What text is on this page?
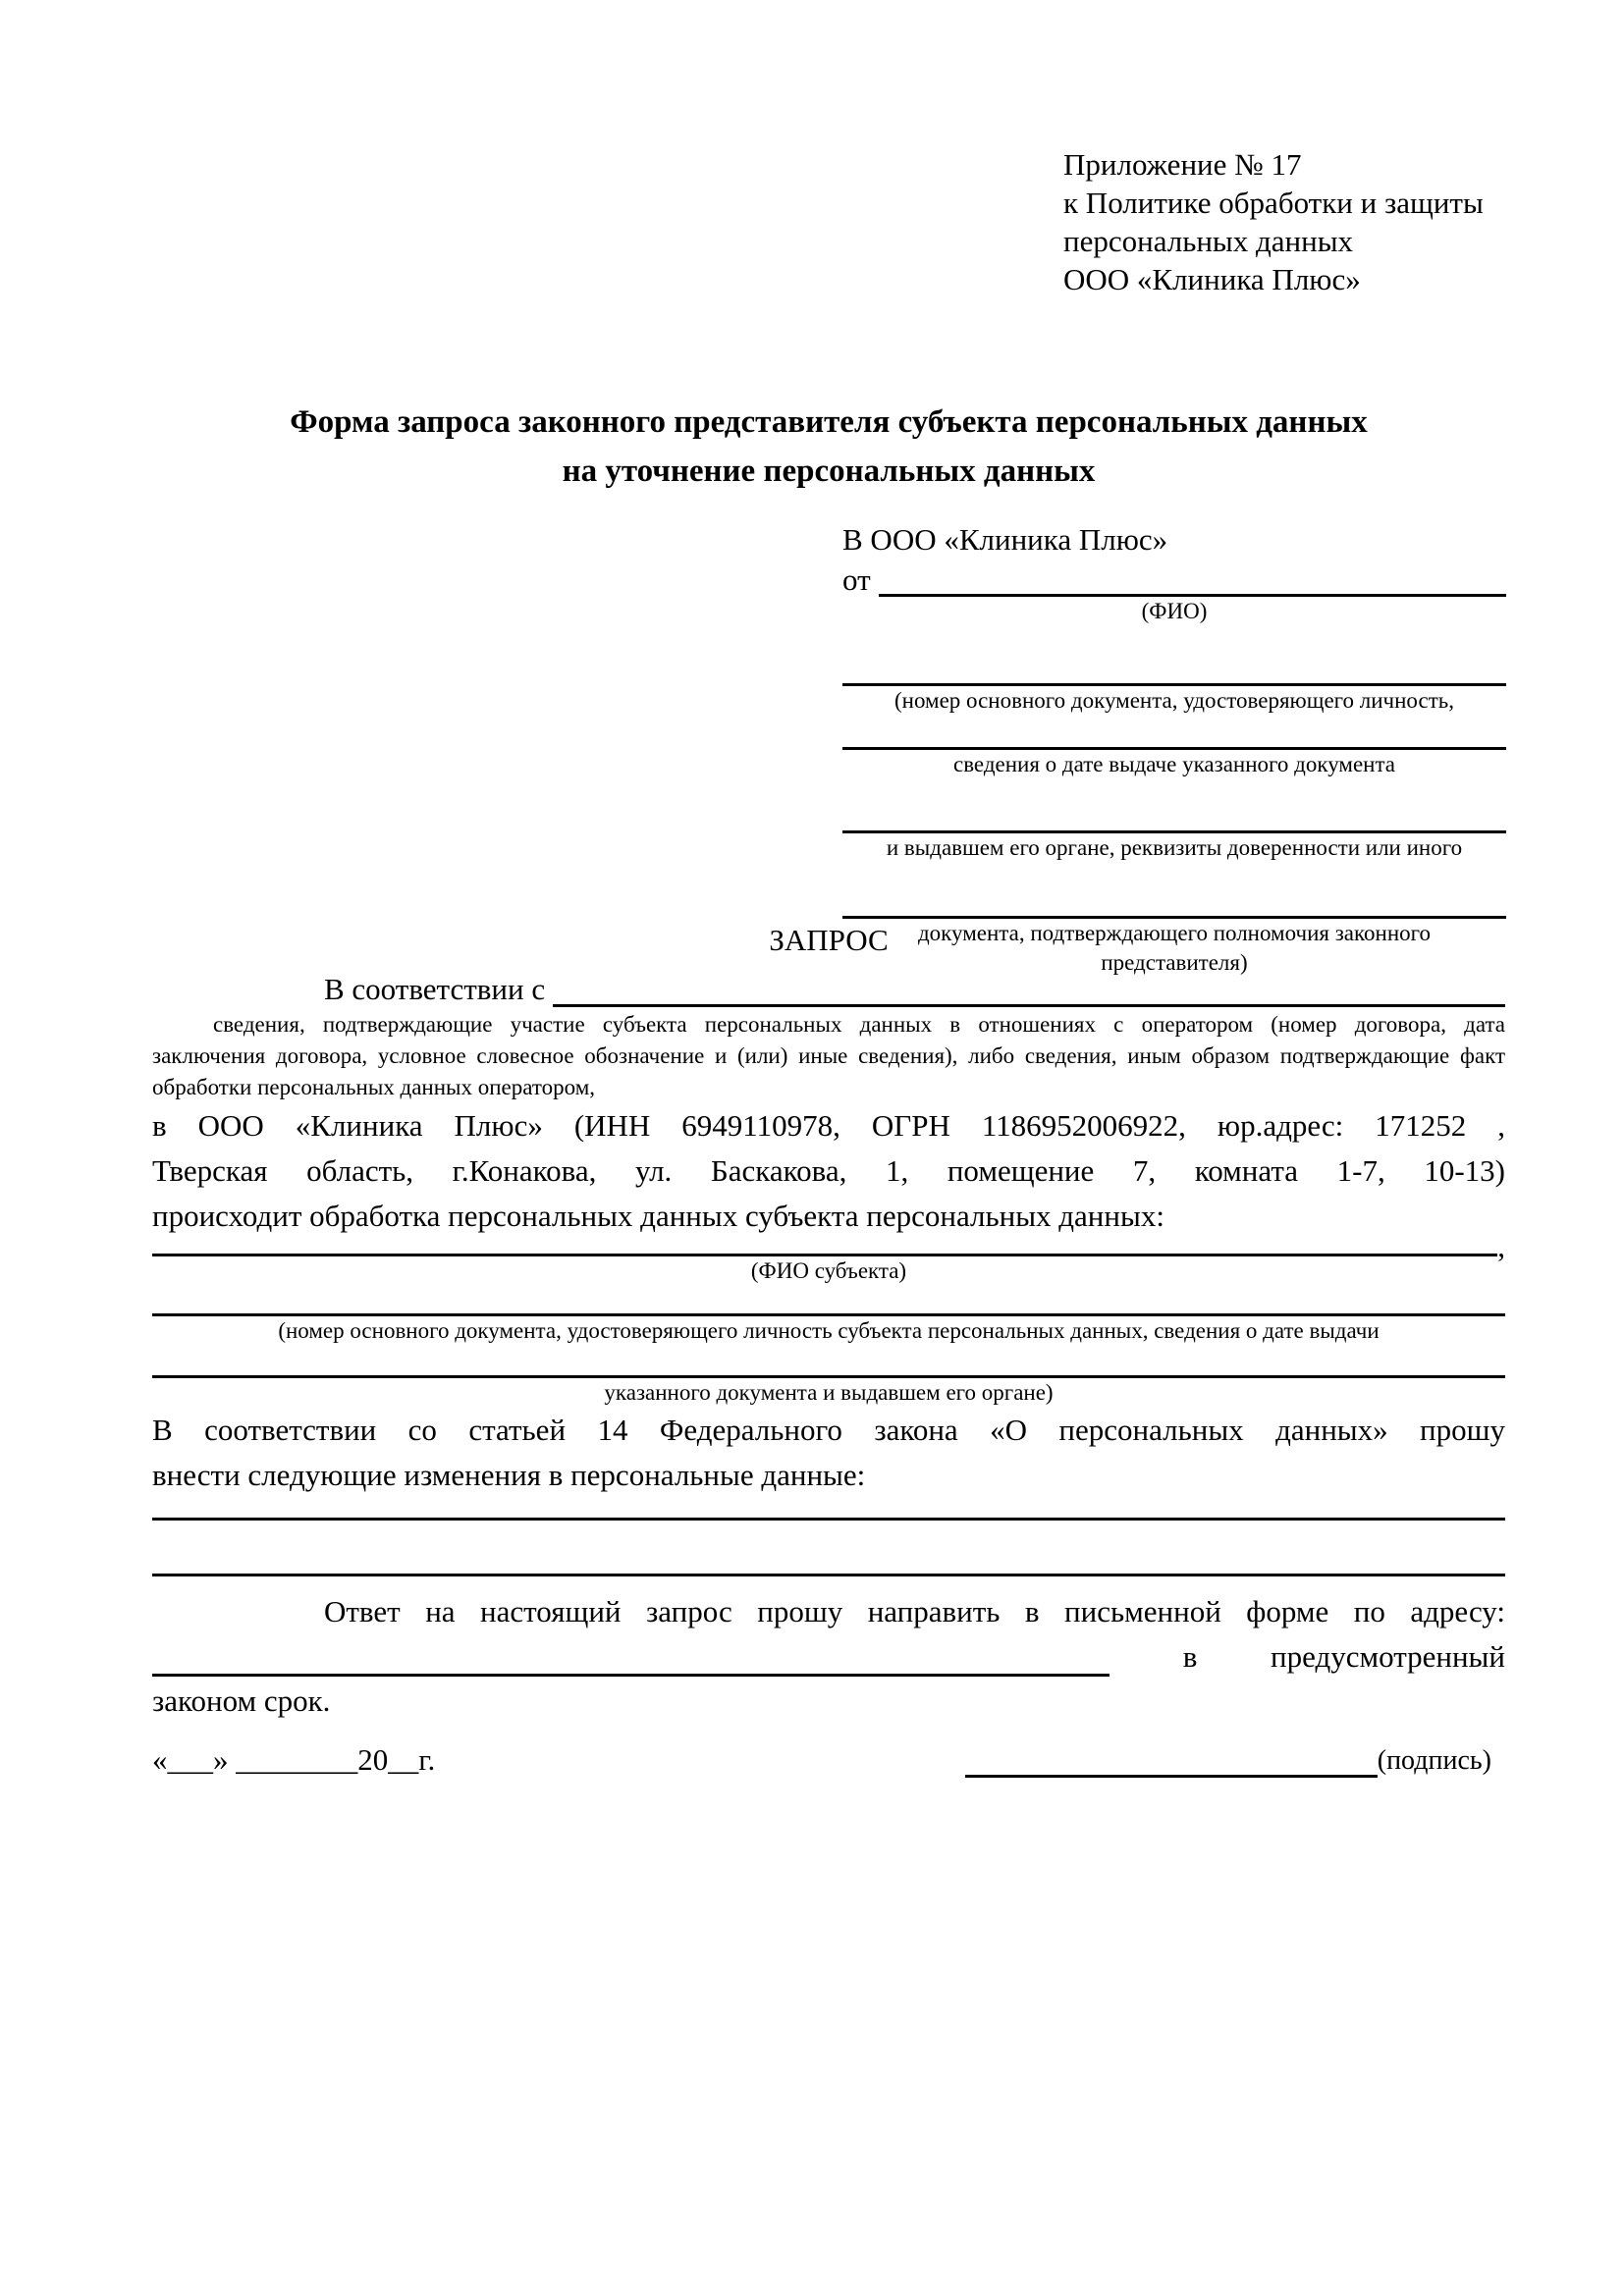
Приложение № 17
к Политике обработки и защиты
персональных данных
ООО «Клиника Плюс»
Форма запроса законного представителя субъекта персональных данных
на уточнение персональных данных
В ООО «Клиника Плюс»
от
(ФИО)
(номер основного документа, удостоверяющего личность,
сведения о дате выдаче указанного документа
и выдавшем его органе, реквизиты доверенности или иного
документа, подтверждающего полномочия законного представителя)
ЗАПРОС
В соответствии с
сведения, подтверждающие участие субъекта персональных данных в отношениях с оператором (номер договора, дата
заключения договора, условное словесное обозначение и (или) иные сведения), либо сведения, иным образом подтверждающие факт
обработки персональных данных оператором,
в ООО «Клиника Плюс» (ИНН 6949110978, ОГРН 1186952006922, юр.адрес: 171252 ,
Тверская область, г.Конакова, ул. Баскакова, 1, помещение 7, комната 1-7, 10-13)
происходит обработка персональных данных субъекта персональных данных:
,
(ФИО субъекта)
(номер основного документа, удостоверяющего личность субъекта персональных данных, сведения о дате выдачи
указанного документа и выдавшем его органе)
В соответствии со статьей 14 Федерального закона «О персональных данных» прошу
внести следующие изменения в персональные данные:
Ответ на настоящий запрос прошу направить в письменной форме по адресу:
в предусмотренный
законом срок.
«___» ________20__г.	(подпись)
